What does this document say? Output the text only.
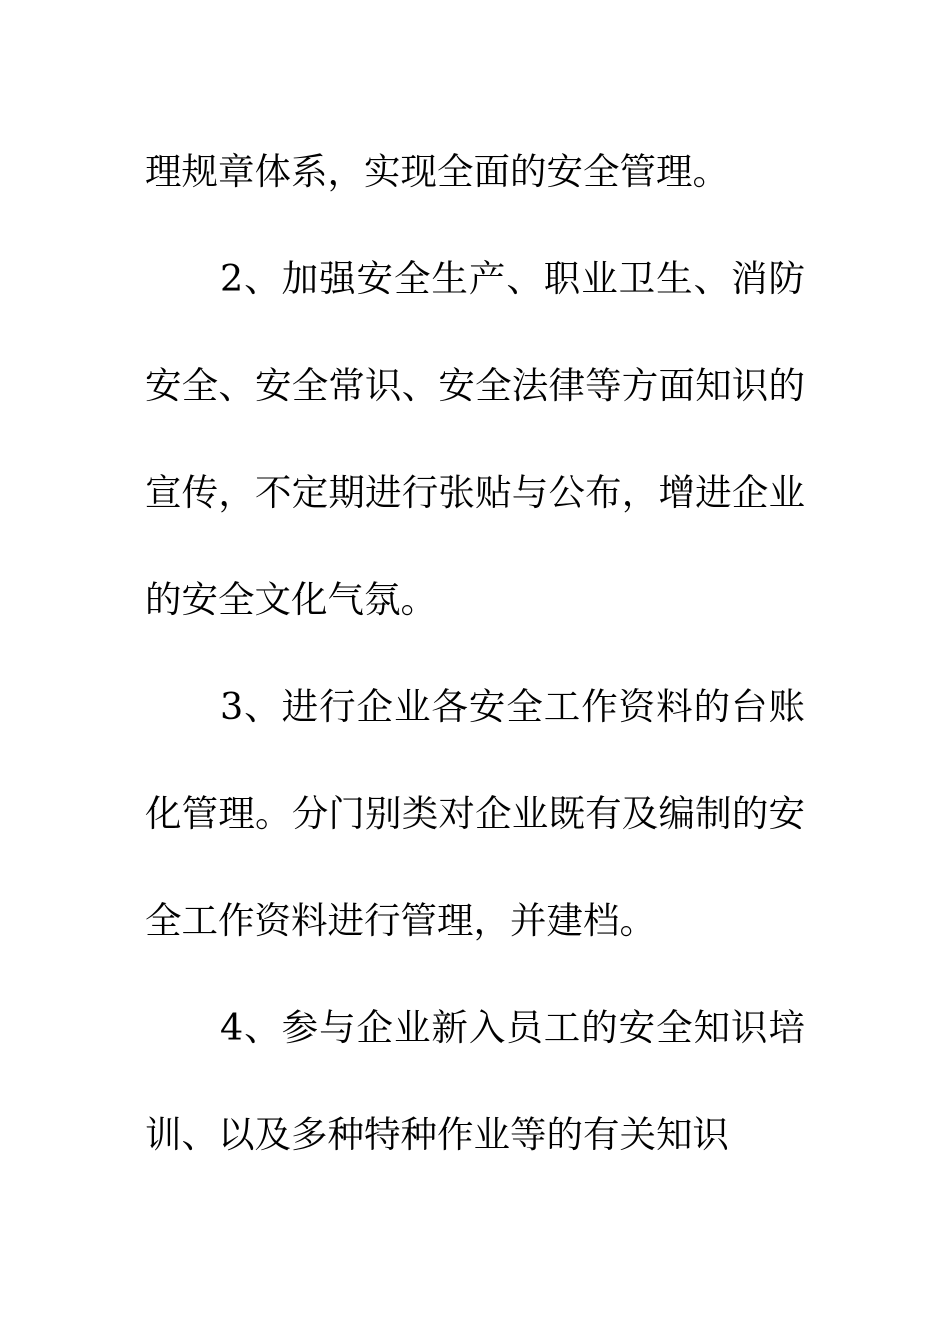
理规章体系，实现全面的安全管理。

2、加强安全生产、职业卫生、消防安全、安全常识、安全法律等方面知识的宣传，不定期进行张贴与公布，增进企业的安全文化气氛。

3、进行企业各安全工作资料的台账化管理。分门别类对企业既有及编制的安全工作资料进行管理，并建档。

4、参与企业新入员工的安全知识培训、以及多种特种作业等的有关知识
